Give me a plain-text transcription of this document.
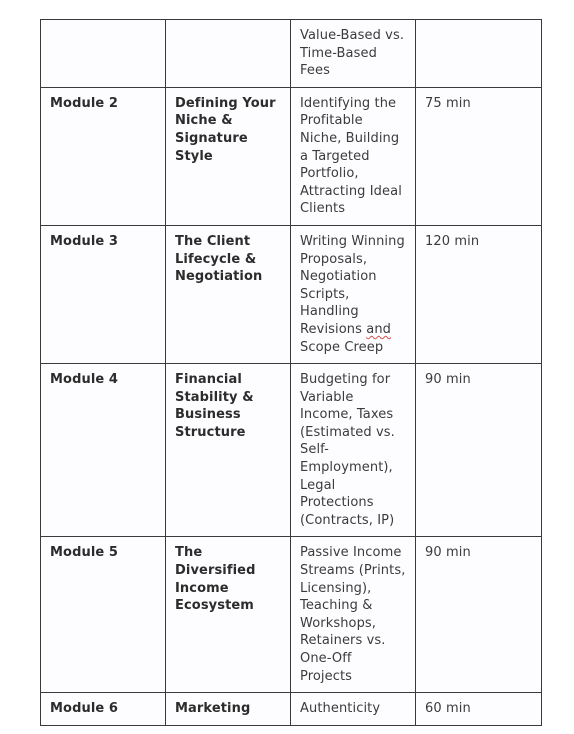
		Value-Based vs. Time-Based Fees	
Module 2	Defining Your Niche & Signature Style	Identifying the Profitable Niche, Building a Targeted Portfolio, Attracting Ideal Clients	75 min
Module 3	The Client Lifecycle & Negotiation	Writing Winning Proposals, Negotiation Scripts, Handling Revisions and Scope Creep	120 min
Module 4	Financial Stability & Business Structure	Budgeting for Variable Income, Taxes (Estimated vs. Self-Employment), Legal Protections (Contracts, IP)	90 min
Module 5	The Diversified Income Ecosystem	Passive Income Streams (Prints, Licensing), Teaching & Workshops, Retainers vs. One-Off Projects	90 min
Module 6	Marketing	Authenticity	60 min
